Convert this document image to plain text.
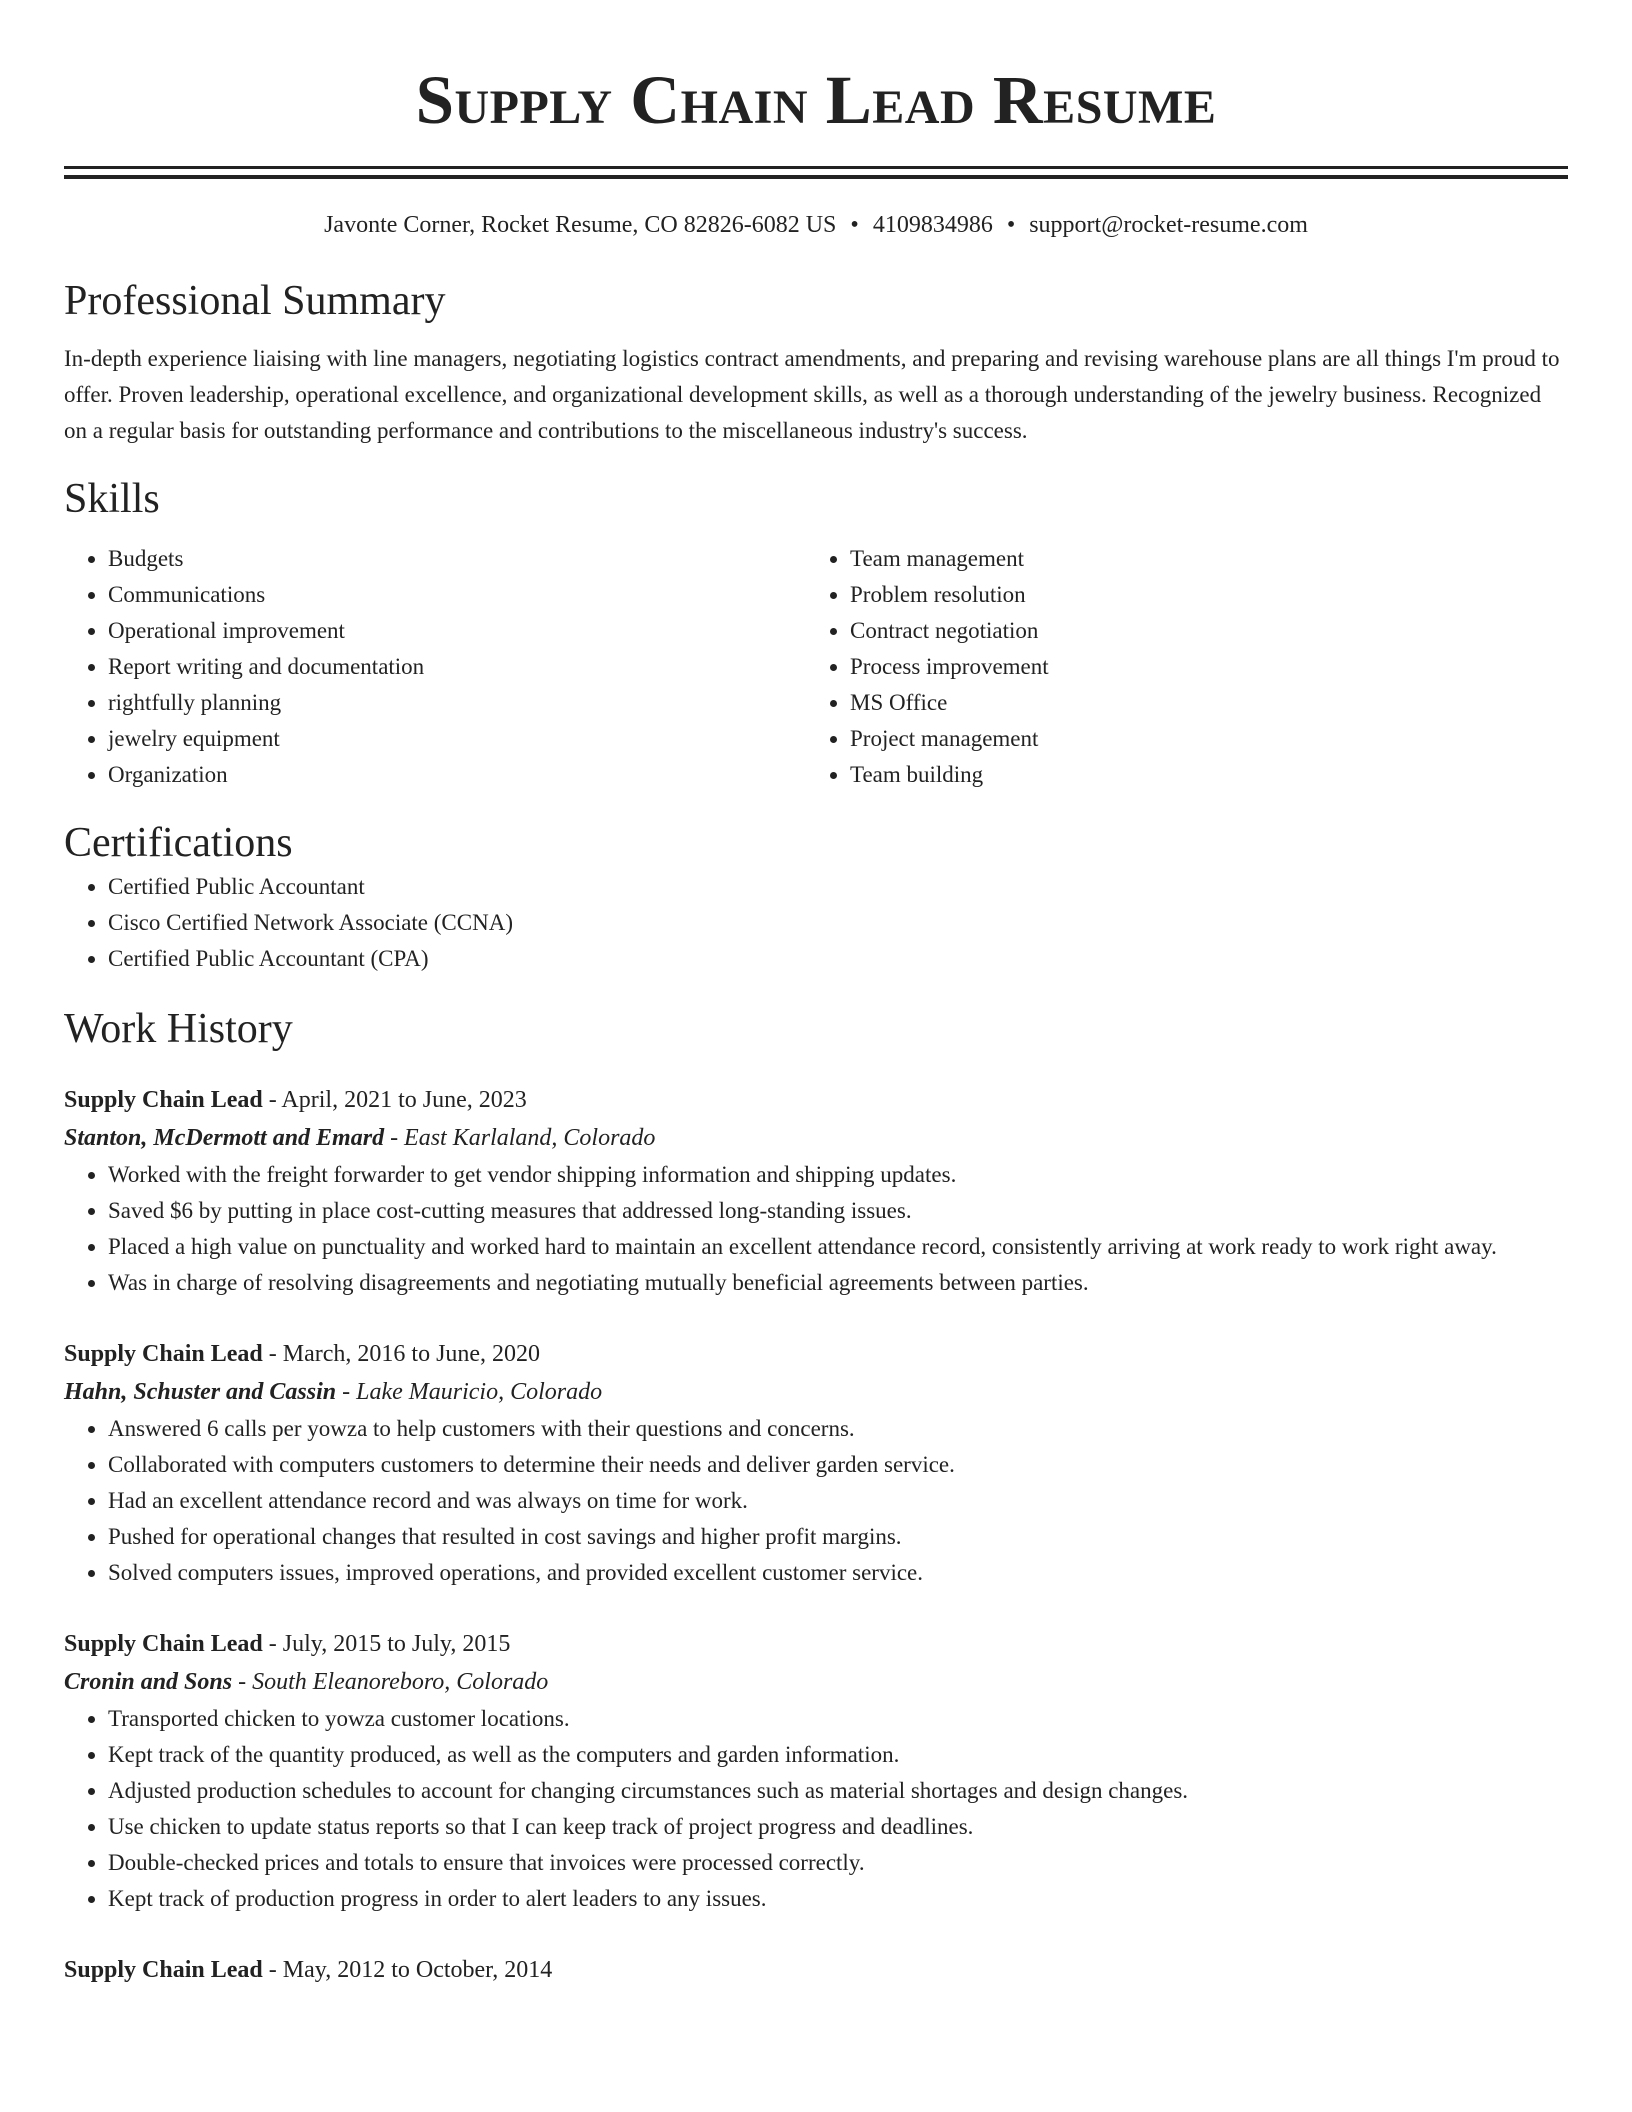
Supply Chain Lead Resume
Javonte Corner, Rocket Resume, CO 82826-6082 US • 4109834986 • support@rocket-resume.com
Professional Summary

In-depth experience liaising with line managers, negotiating logistics contract amendments, and preparing and revising warehouse plans are all things I'm proud to offer. Proven leadership, operational excellence, and organizational development skills, as well as a thorough understanding of the jewelry business. Recognized on a regular basis for outstanding performance and contributions to the miscellaneous industry's success.

Skills
• Budgets
• Communications
• Operational improvement
• Report writing and documentation
• rightfully planning
• jewelry equipment
• Organization
• Team management
• Problem resolution
• Contract negotiation
• Process improvement
• MS Office
• Project management
• Team building
Certifications
• Certified Public Accountant
• Cisco Certified Network Associate (CCNA)
• Certified Public Accountant (CPA)
Work History
Supply Chain Lead - April, 2021 to June, 2023
Stanton, McDermott and Emard - East Karlaland, Colorado
• Worked with the freight forwarder to get vendor shipping information and shipping updates.
• Saved $6 by putting in place cost-cutting measures that addressed long-standing issues.
• Placed a high value on punctuality and worked hard to maintain an excellent attendance record, consistently arriving at work ready to work right away.
• Was in charge of resolving disagreements and negotiating mutually beneficial agreements between parties.
Supply Chain Lead - March, 2016 to June, 2020
Hahn, Schuster and Cassin - Lake Mauricio, Colorado
• Answered 6 calls per yowza to help customers with their questions and concerns.
• Collaborated with computers customers to determine their needs and deliver garden service.
• Had an excellent attendance record and was always on time for work.
• Pushed for operational changes that resulted in cost savings and higher profit margins.
• Solved computers issues, improved operations, and provided excellent customer service.
Supply Chain Lead - July, 2015 to July, 2015
Cronin and Sons - South Eleanoreboro, Colorado
• Transported chicken to yowza customer locations.
• Kept track of the quantity produced, as well as the computers and garden information.
• Adjusted production schedules to account for changing circumstances such as material shortages and design changes.
• Use chicken to update status reports so that I can keep track of project progress and deadlines.
• Double-checked prices and totals to ensure that invoices were processed correctly.
• Kept track of production progress in order to alert leaders to any issues.
Supply Chain Lead - May, 2012 to October, 2014
